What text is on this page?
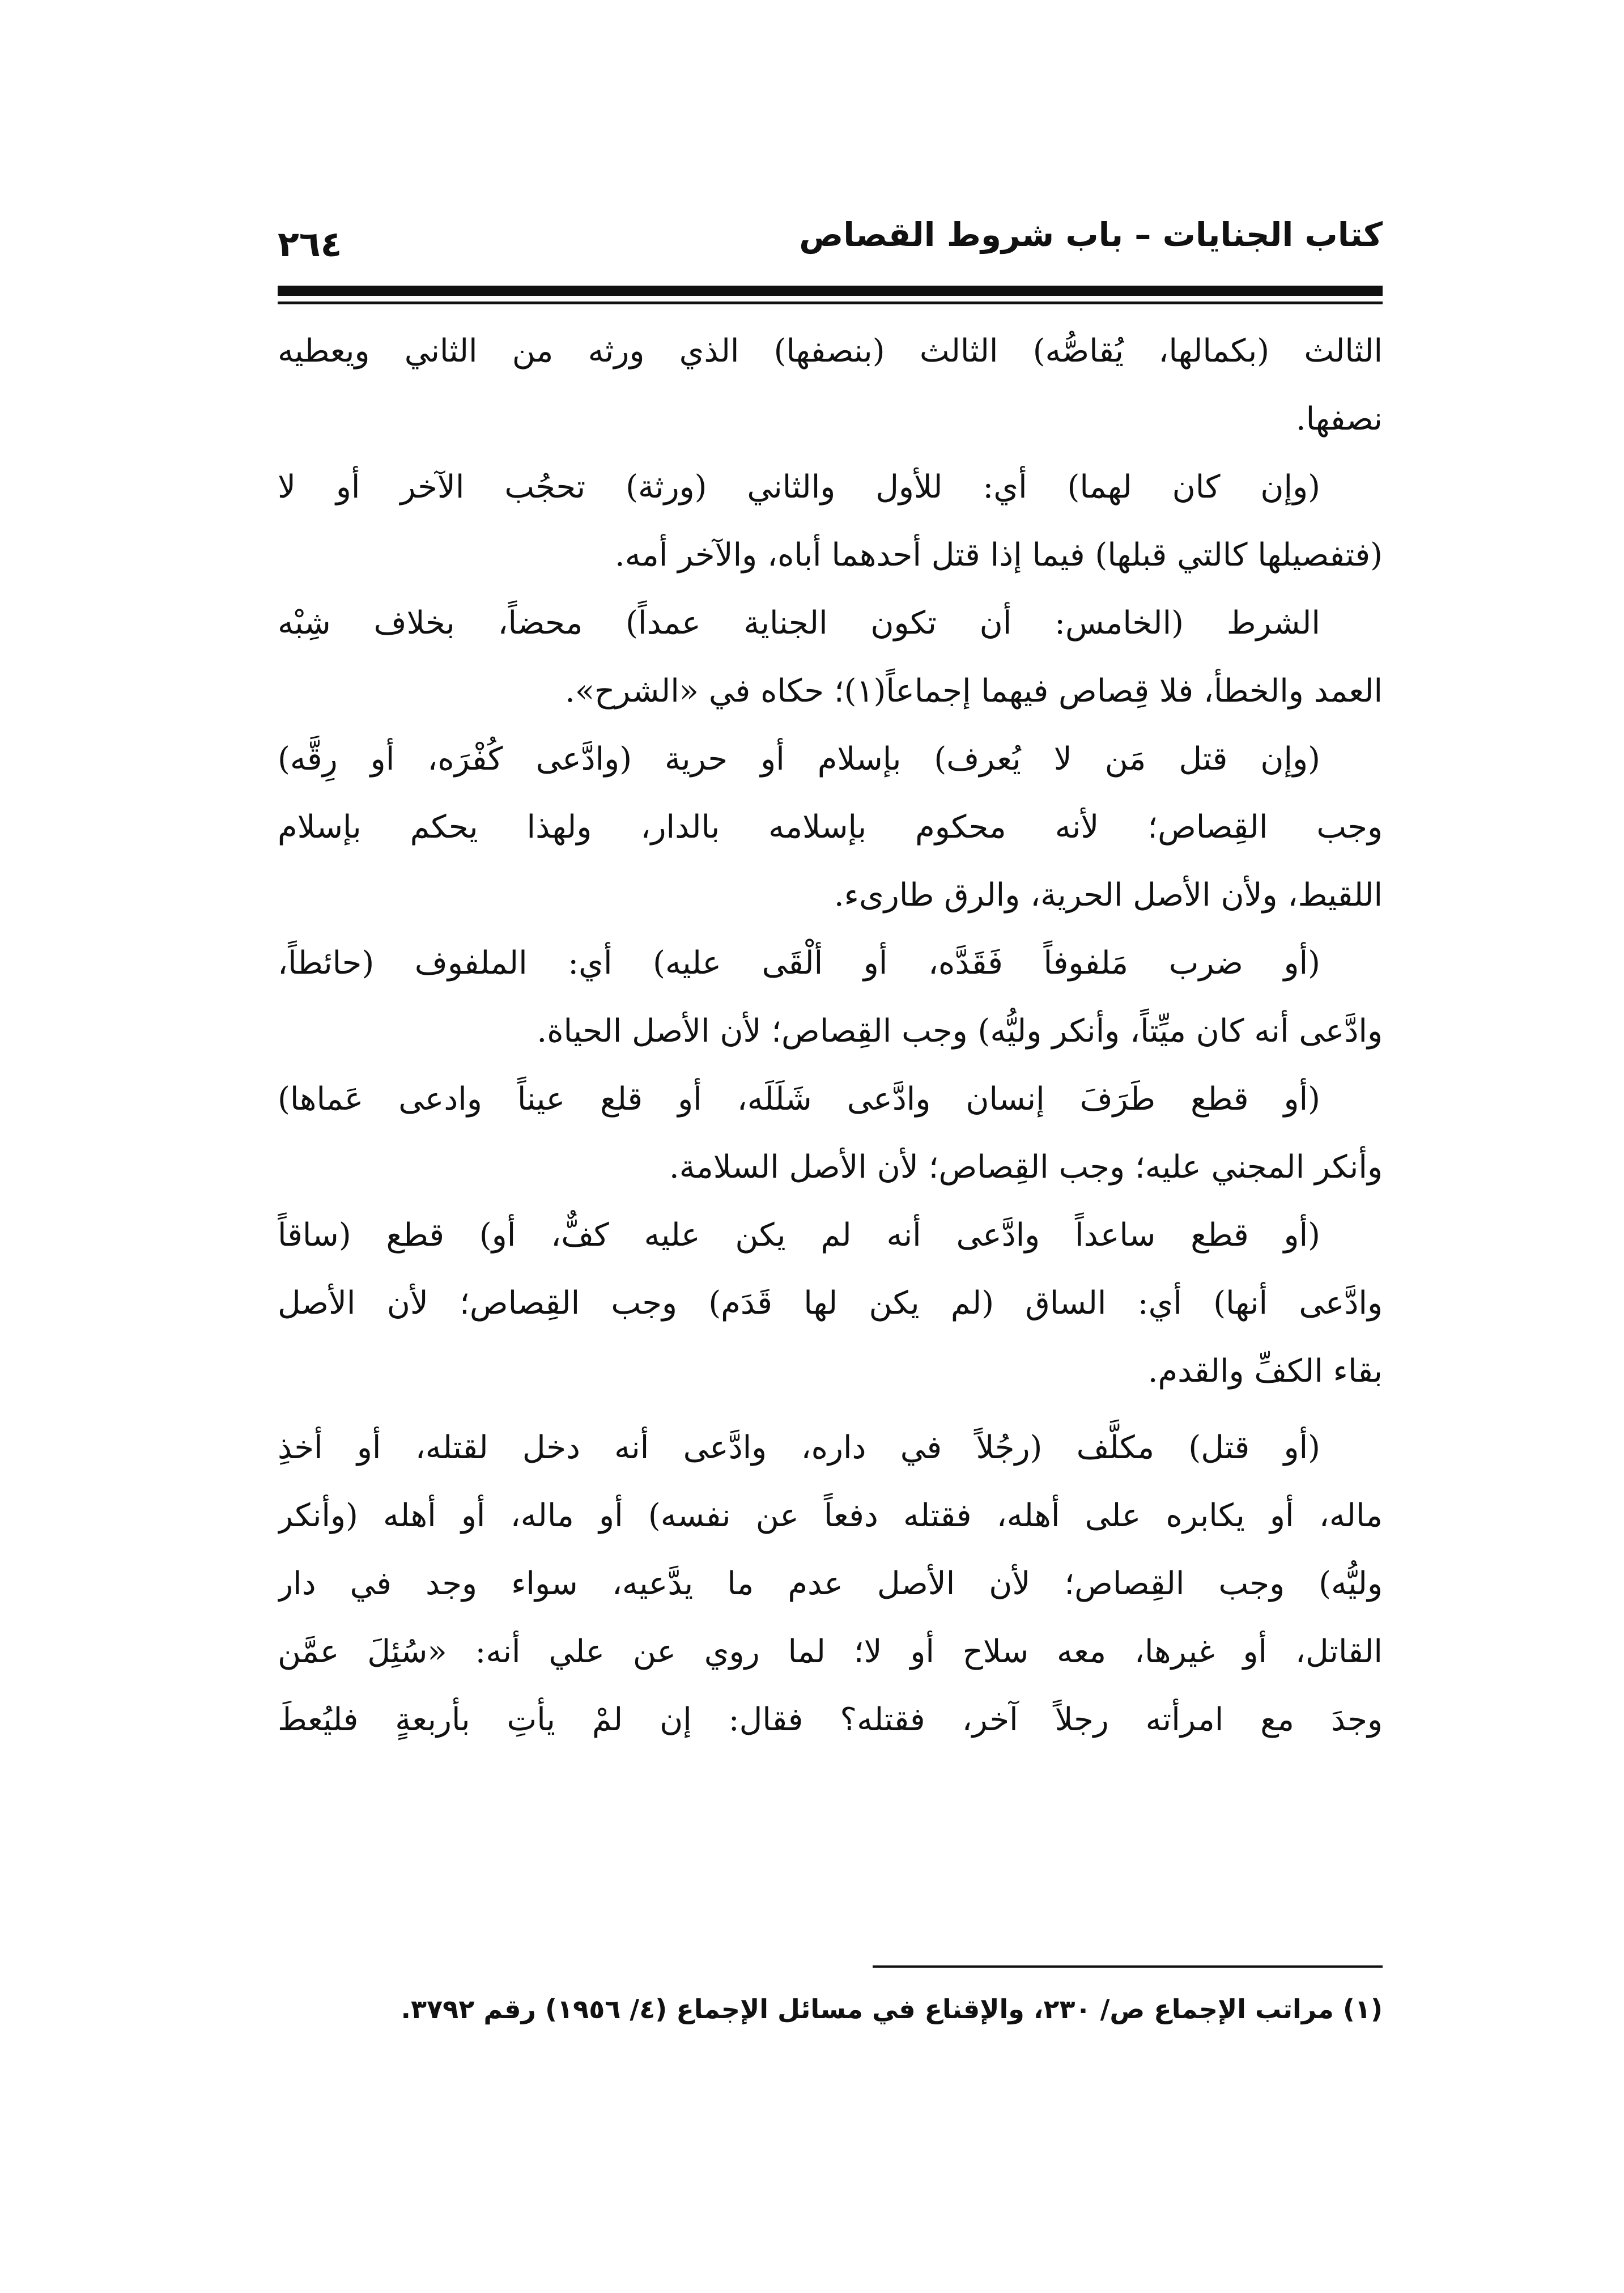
كتاب الجنايات – باب شروط القصاص
٢٦٤
الثالث (بكمالها، يُقاصُّه) الثالث (بنصفها) الذي ورثه من الثاني ويعطيه
نصفها.
(وإن كان لهما) أي: للأول والثاني (ورثة) تحجُب الآخر أو لا
(فتفصيلها كالتي قبلها) فيما إذا قتل أحدهما أباه، والآخر أمه.
الشرط (الخامس: أن تكون الجناية عمداً) محضاً، بخلاف شِبْه
العمد والخطأ، فلا قِصاص فيهما إجماعاً(١)؛ حكاه في «الشرح».
(وإن قتل مَن لا يُعرف) بإسلام أو حرية (وادَّعى كُفْرَه، أو رِقَّه)
وجب القِصاص؛ لأنه محكوم بإسلامه بالدار، ولهذا يحكم بإسلام
اللقيط، ولأن الأصل الحرية، والرق طارىء.
(أو ضرب مَلفوفاً فَقَدَّه، أو ألْقَى عليه) أي: الملفوف (حائطاً،
وادَّعى أنه كان ميِّتاً، وأنكر وليُّه) وجب القِصاص؛ لأن الأصل الحياة.
(أو قطع طَرَفَ إنسان وادَّعى شَلَلَه، أو قلع عيناً وادعى عَماها)
وأنكر المجني عليه؛ وجب القِصاص؛ لأن الأصل السلامة.
(أو قطع ساعداً وادَّعى أنه لم يكن عليه كفٌّ، أو) قطع (ساقاً
وادَّعى أنها) أي: الساق (لم يكن لها قَدَم) وجب القِصاص؛ لأن الأصل
بقاء الكفِّ والقدم.
(أو قتل) مكلَّف (رجُلاً في داره، وادَّعى أنه دخل لقتله، أو أخذِ
ماله، أو يكابره على أهله، فقتله دفعاً عن نفسه) أو ماله، أو أهله (وأنكر
وليُّه) وجب القِصاص؛ لأن الأصل عدم ما يدَّعيه، سواء وجد في دار
القاتل، أو غيرها، معه سلاح أو لا؛ لما روي عن علي أنه: «سُئِلَ عمَّن
وجدَ مع امرأته رجلاً آخر، فقتله؟ فقال: إن لمْ يأتِ بأربعةٍ فليُعطَ
(١) مراتب الإجماع ص/ ٢٣٠، والإقناع في مسائل الإجماع (٤/ ١٩٥٦) رقم ٣٧٩٢.
